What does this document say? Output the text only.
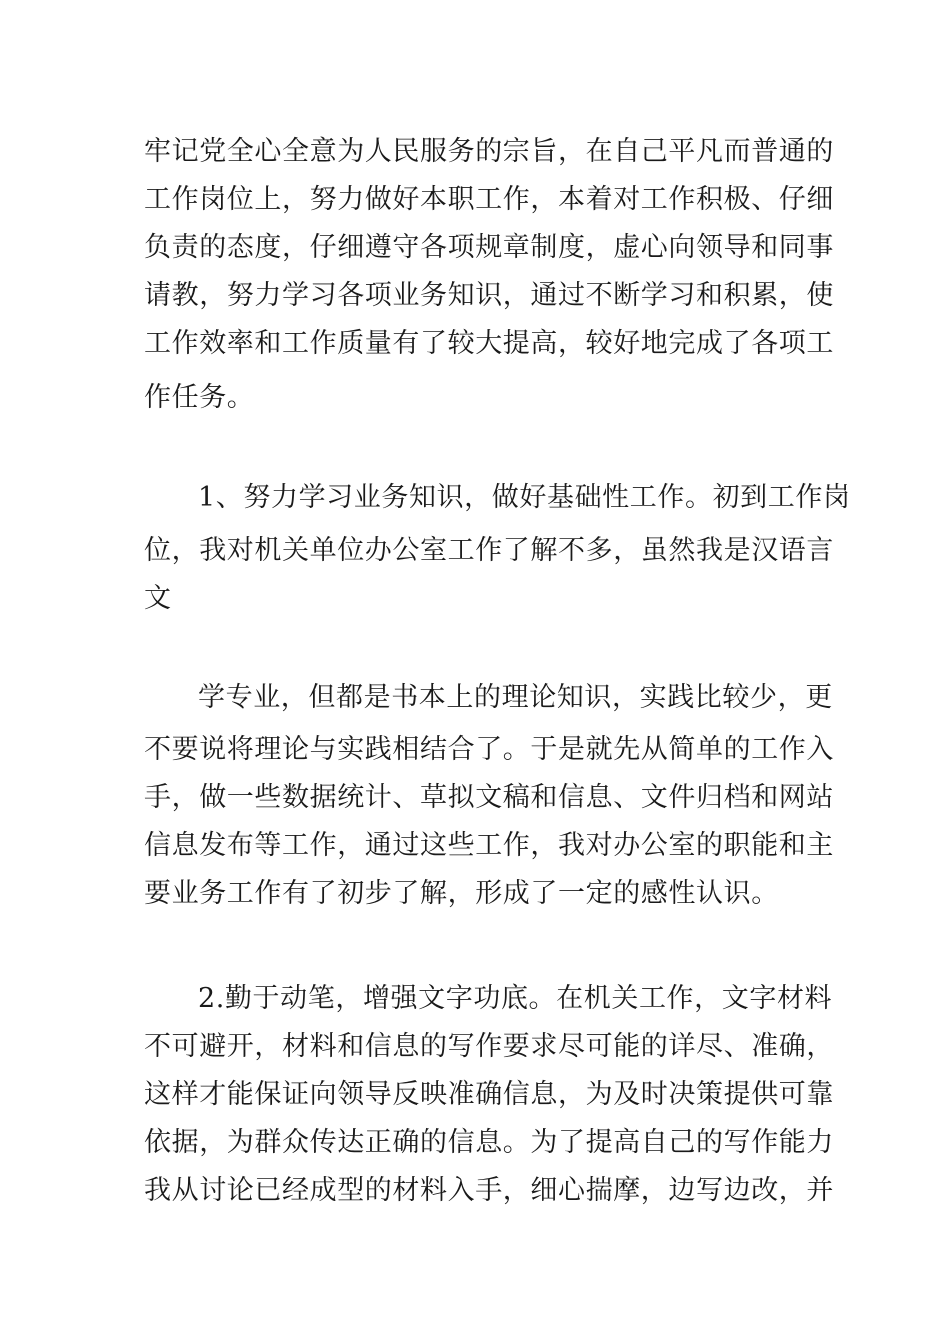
牢记党全心全意为人民服务的宗旨，在自己平凡而普通的
工作岗位上，努力做好本职工作，本着对工作积极、仔细
负责的态度，仔细遵守各项规章制度，虚心向领导和同事
请教，努力学习各项业务知识，通过不断学习和积累，使
工作效率和工作质量有了较大提高，较好地完成了各项工
作任务。
1、努力学习业务知识，做好基础性工作。初到工作岗
位，我对机关单位办公室工作了解不多，虽然我是汉语言
文
学专业，但都是书本上的理论知识，实践比较少，更
不要说将理论与实践相结合了。于是就先从简单的工作入
手，做一些数据统计、草拟文稿和信息、文件归档和网站
信息发布等工作，通过这些工作，我对办公室的职能和主
要业务工作有了初步了解，形成了一定的感性认识。
2.勤于动笔，增强文字功底。在机关工作，文字材料
不可避开，材料和信息的写作要求尽可能的详尽、准确，
这样才能保证向领导反映准确信息，为及时决策提供可靠
依据，为群众传达正确的信息。为了提高自己的写作能力
我从讨论已经成型的材料入手，细心揣摩，边写边改，并
